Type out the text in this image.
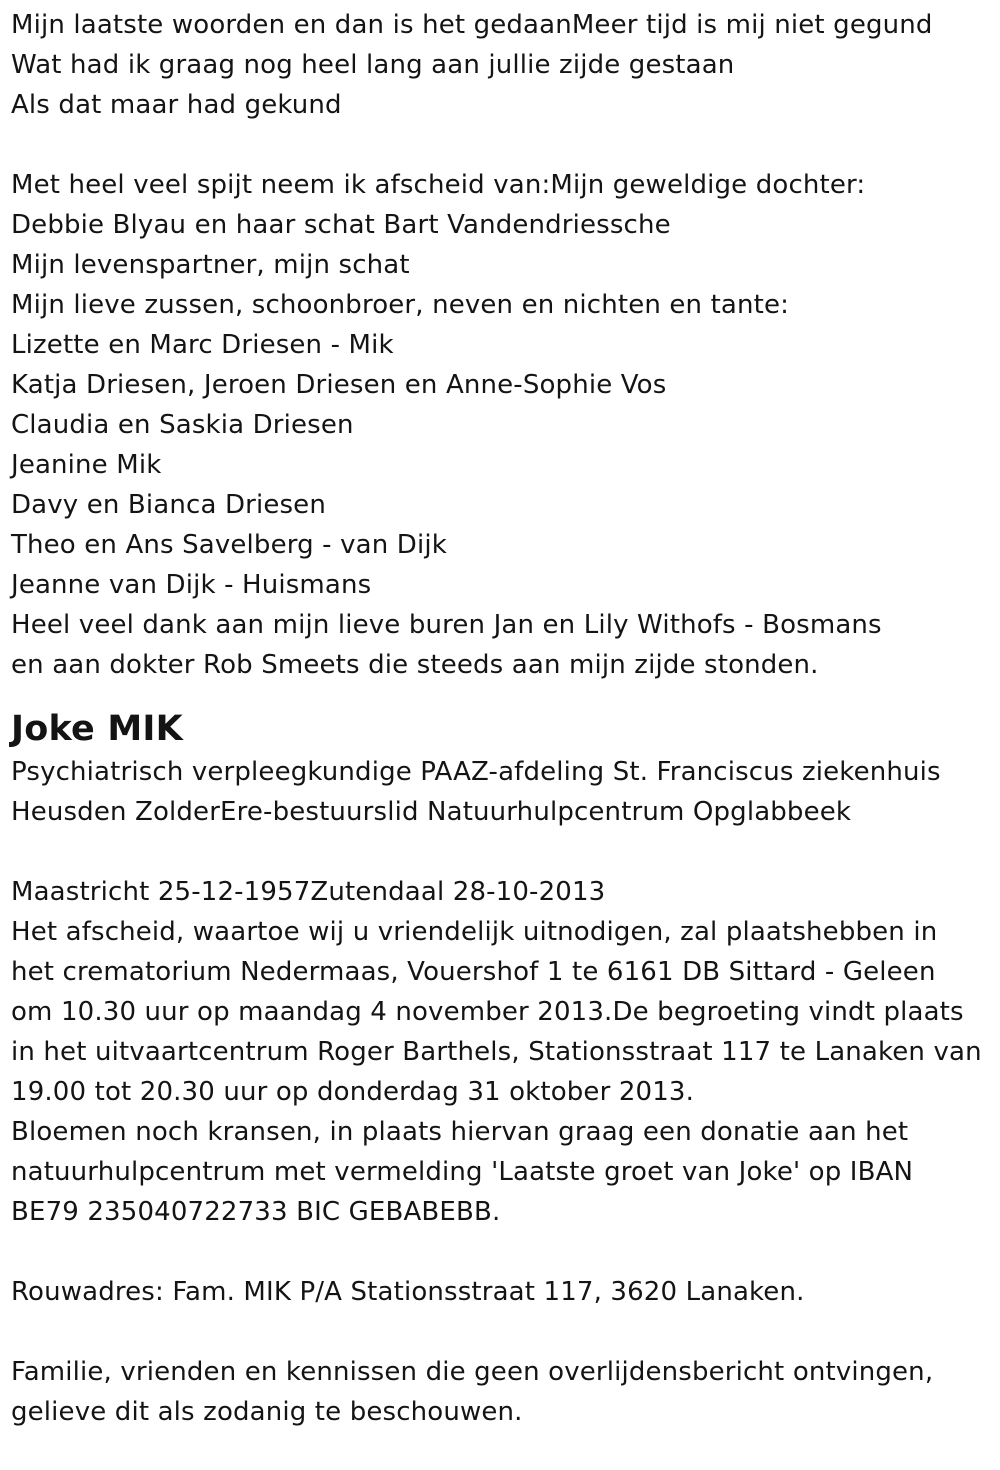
Mijn laatste woorden en dan is het gedaanMeer tijd is mij niet gegund
Wat had ik graag nog heel lang aan jullie zijde gestaan
Als dat maar had gekund
Met heel veel spijt neem ik afscheid van:Mijn geweldige dochter:
Debbie Blyau en haar schat Bart Vandendriessche
Mijn levenspartner, mijn schat
Mijn lieve zussen, schoonbroer, neven en nichten en tante:
Lizette en Marc Driesen - Mik
Katja Driesen, Jeroen Driesen en Anne-Sophie Vos
Claudia en Saskia Driesen
Jeanine Mik
Davy en Bianca Driesen
Theo en Ans Savelberg - van Dijk
Jeanne van Dijk - Huismans
Heel veel dank aan mijn lieve buren Jan en Lily Withofs - Bosmans
en aan dokter Rob Smeets die steeds aan mijn zijde stonden.
Joke MIK
Psychiatrisch verpleegkundige PAAZ-afdeling St. Franciscus ziekenhuis
Heusden ZolderEre-bestuurslid Natuurhulpcentrum Opglabbeek
Maastricht 25-12-1957Zutendaal 28-10-2013
Het afscheid, waartoe wij u vriendelijk uitnodigen, zal plaatshebben in
het crematorium Nedermaas, Vouershof 1 te 6161 DB Sittard - Geleen
om 10.30 uur op maandag 4 november 2013.De begroeting vindt plaats
in het uitvaartcentrum Roger Barthels, Stationsstraat 117 te Lanaken van
19.00 tot 20.30 uur op donderdag 31 oktober 2013.
Bloemen noch kransen, in plaats hiervan graag een donatie aan het
natuurhulpcentrum met vermelding 'Laatste groet van Joke' op IBAN
BE79 235040722733 BIC GEBABEBB.
Rouwadres: Fam. MIK P/A Stationsstraat 117, 3620 Lanaken.
Familie, vrienden en kennissen die geen overlijdensbericht ontvingen,
gelieve dit als zodanig te beschouwen.
